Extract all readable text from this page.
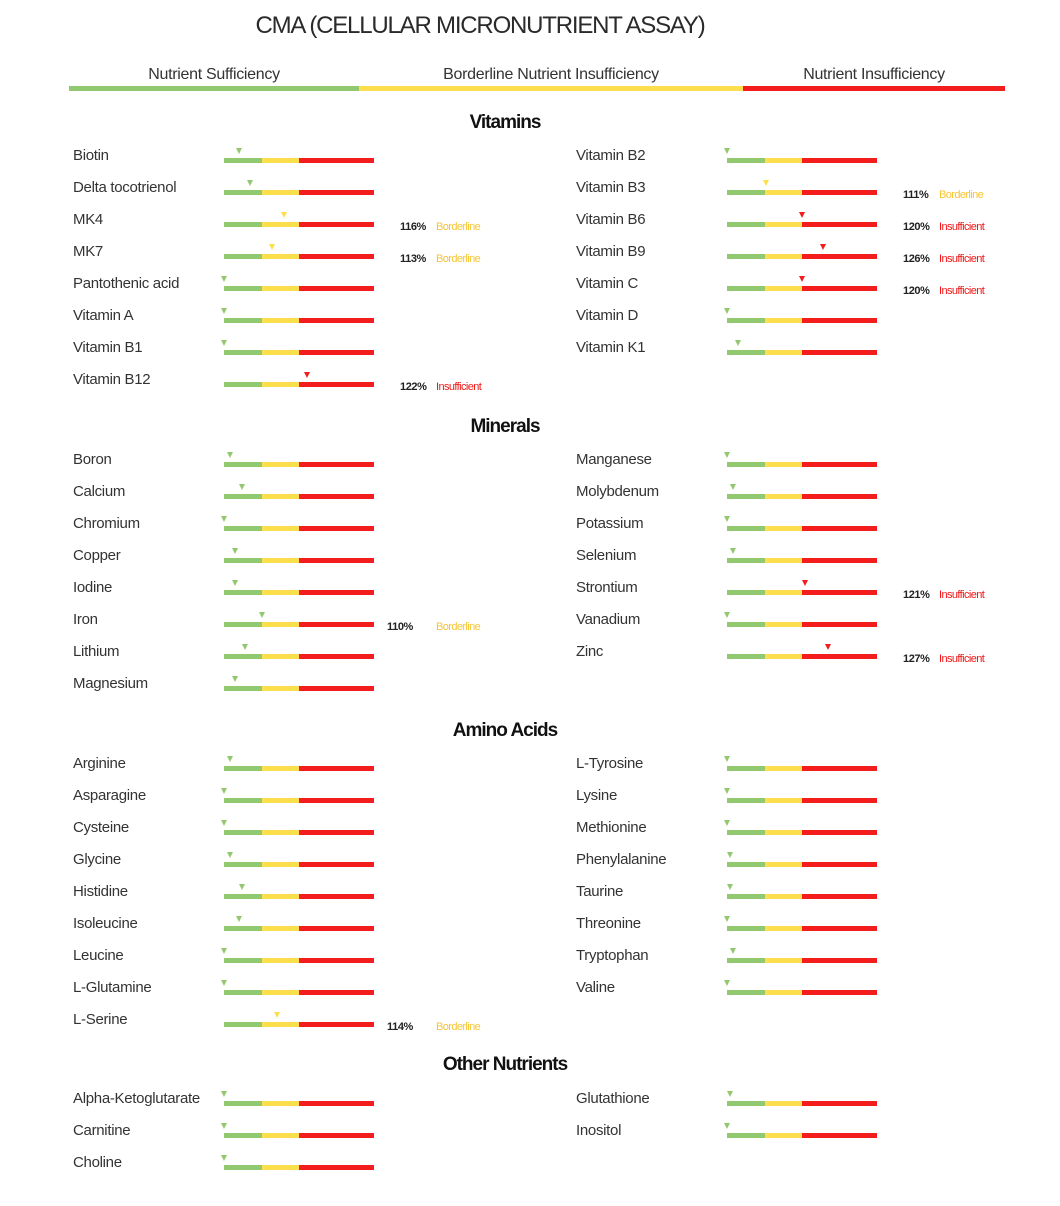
CMA (CELLULAR MICRONUTRIENT ASSAY)
Nutrient Sufficiency	Borderline Nutrient Insufficiency	Nutrient Insufficiency
Vitamins
Biotin
Delta tocotrienol
MK4	116% Borderline
MK7	113% Borderline
Pantothenic acid
Vitamin A
Vitamin B1
Vitamin B12	122% Insufficient
Vitamin B2
Vitamin B3	111% Borderline
Vitamin B6	120% Insufficient
Vitamin B9	126% Insufficient
Vitamin C	120% Insufficient
Vitamin D
Vitamin K1
Minerals
Boron
Calcium
Chromium
Copper
Iodine
Iron	110% Borderline
Lithium
Magnesium
Manganese
Molybdenum
Potassium
Selenium
Strontium	121% Insufficient
Vanadium
Zinc	127% Insufficient
Amino Acids
Arginine
Asparagine
Cysteine
Glycine
Histidine
Isoleucine
Leucine
L-Glutamine
L-Serine	114% Borderline
L-Tyrosine
Lysine
Methionine
Phenylalanine
Taurine
Threonine
Tryptophan
Valine
Other Nutrients
Alpha-Ketoglutarate
Carnitine
Choline
Glutathione
Inositol
